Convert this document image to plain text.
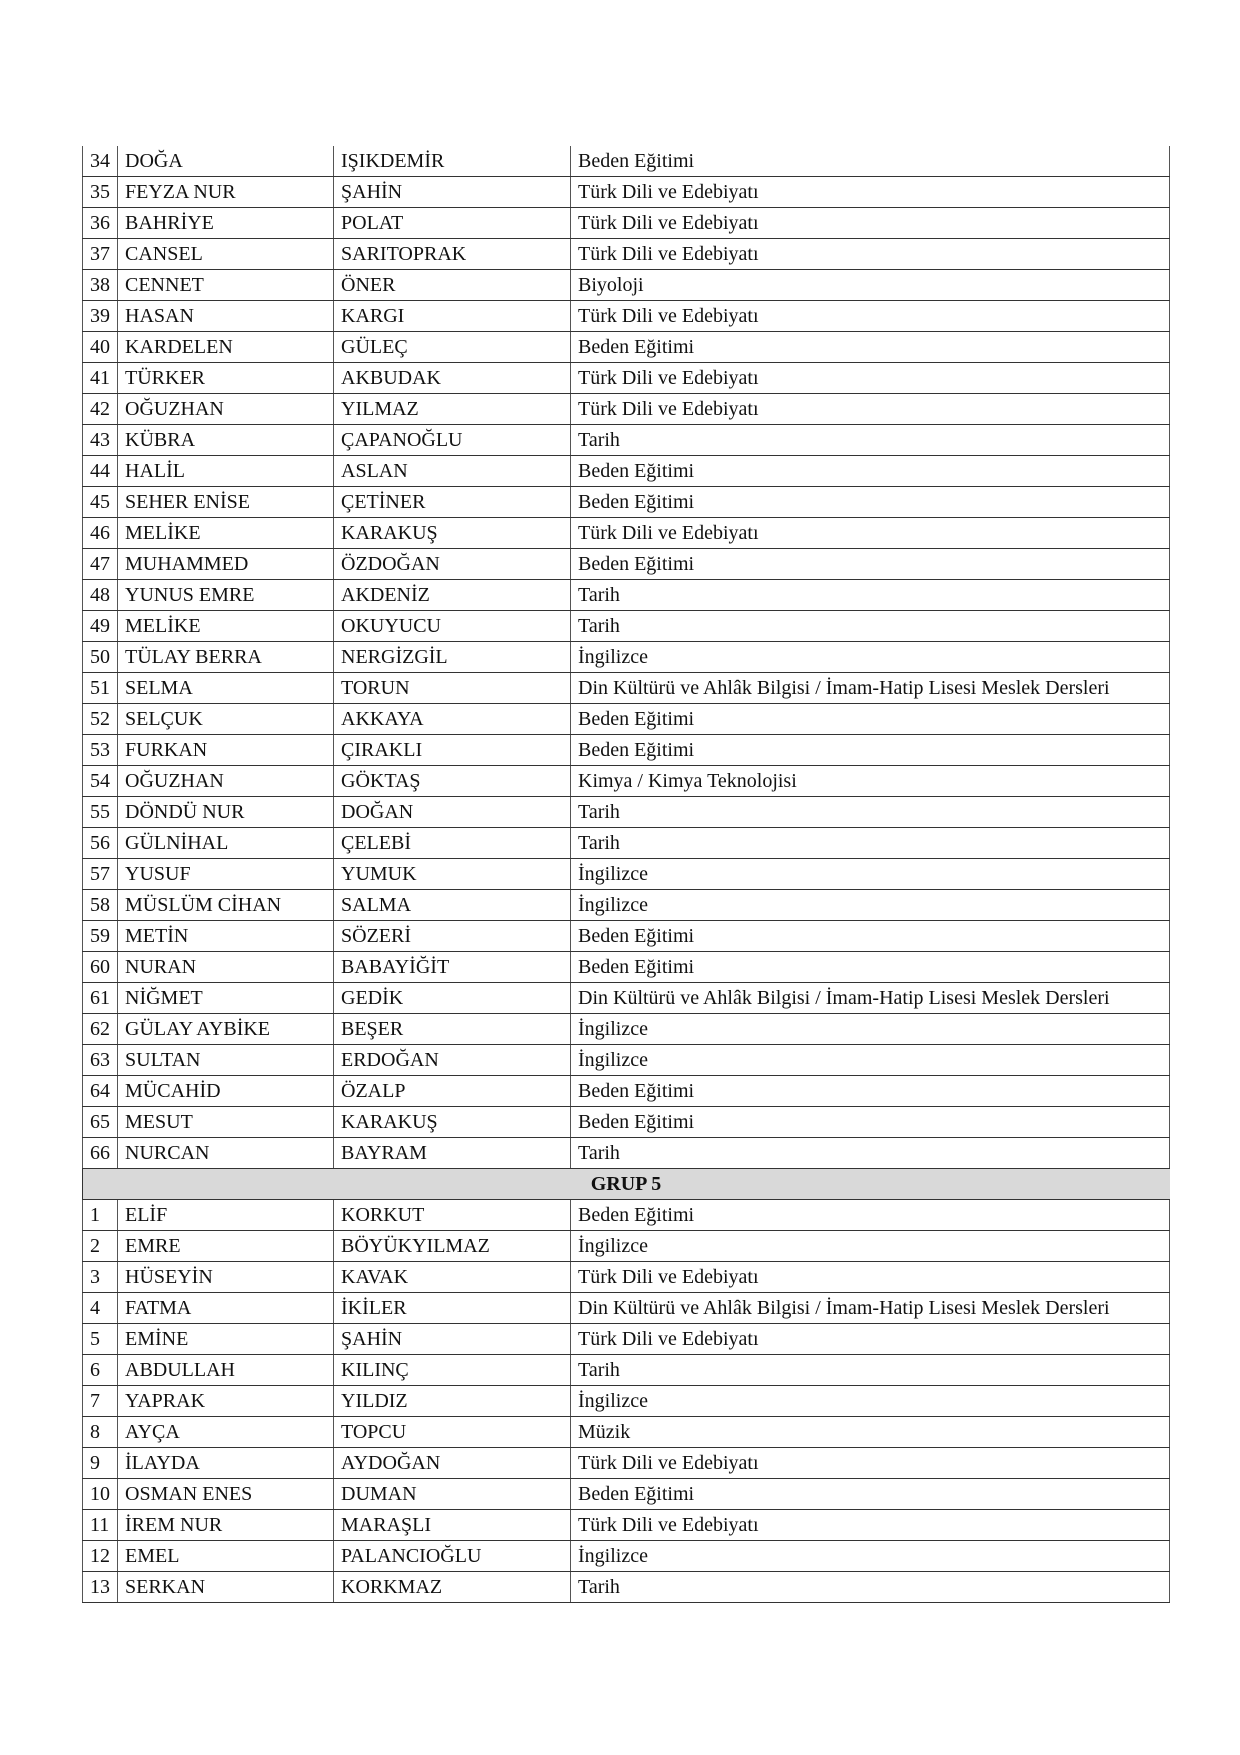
34	DOĞA	IŞIKDEMİR	Beden Eğitimi
35	FEYZA NUR	ŞAHİN	Türk Dili ve Edebiyatı
36	BAHRİYE	POLAT	Türk Dili ve Edebiyatı
37	CANSEL	SARITOPRAK	Türk Dili ve Edebiyatı
38	CENNET	ÖNER	Biyoloji
39	HASAN	KARGI	Türk Dili ve Edebiyatı
40	KARDELEN	GÜLEÇ	Beden Eğitimi
41	TÜRKER	AKBUDAK	Türk Dili ve Edebiyatı
42	OĞUZHAN	YILMAZ	Türk Dili ve Edebiyatı
43	KÜBRA	ÇAPANOĞLU	Tarih
44	HALİL	ASLAN	Beden Eğitimi
45	SEHER ENİSE	ÇETİNER	Beden Eğitimi
46	MELİKE	KARAKUŞ	Türk Dili ve Edebiyatı
47	MUHAMMED	ÖZDOĞAN	Beden Eğitimi
48	YUNUS EMRE	AKDENİZ	Tarih
49	MELİKE	OKUYUCU	Tarih
50	TÜLAY BERRA	NERGİZGİL	İngilizce
51	SELMA	TORUN	Din Kültürü ve Ahlâk Bilgisi / İmam-Hatip Lisesi Meslek Dersleri
52	SELÇUK	AKKAYA	Beden Eğitimi
53	FURKAN	ÇIRAKLI	Beden Eğitimi
54	OĞUZHAN	GÖKTAŞ	Kimya / Kimya Teknolojisi
55	DÖNDÜ NUR	DOĞAN	Tarih
56	GÜLNİHAL	ÇELEBİ	Tarih
57	YUSUF	YUMUK	İngilizce
58	MÜSLÜM CİHAN	SALMA	İngilizce
59	METİN	SÖZERİ	Beden Eğitimi
60	NURAN	BABAYİĞİT	Beden Eğitimi
61	NİĞMET	GEDİK	Din Kültürü ve Ahlâk Bilgisi / İmam-Hatip Lisesi Meslek Dersleri
62	GÜLAY AYBİKE	BEŞER	İngilizce
63	SULTAN	ERDOĞAN	İngilizce
64	MÜCAHİD	ÖZALP	Beden Eğitimi
65	MESUT	KARAKUŞ	Beden Eğitimi
66	NURCAN	BAYRAM	Tarih
GRUP 5			
1	ELİF	KORKUT	Beden Eğitimi
2	EMRE	BÖYÜKYILMAZ	İngilizce
3	HÜSEYİN	KAVAK	Türk Dili ve Edebiyatı
4	FATMA	İKİLER	Din Kültürü ve Ahlâk Bilgisi / İmam-Hatip Lisesi Meslek Dersleri
5	EMİNE	ŞAHİN	Türk Dili ve Edebiyatı
6	ABDULLAH	KILINÇ	Tarih
7	YAPRAK	YILDIZ	İngilizce
8	AYÇA	TOPCU	Müzik
9	İLAYDA	AYDOĞAN	Türk Dili ve Edebiyatı
10	OSMAN ENES	DUMAN	Beden Eğitimi
11	İREM NUR	MARAŞLI	Türk Dili ve Edebiyatı
12	EMEL	PALANCIOĞLU	İngilizce
13	SERKAN	KORKMAZ	Tarih
